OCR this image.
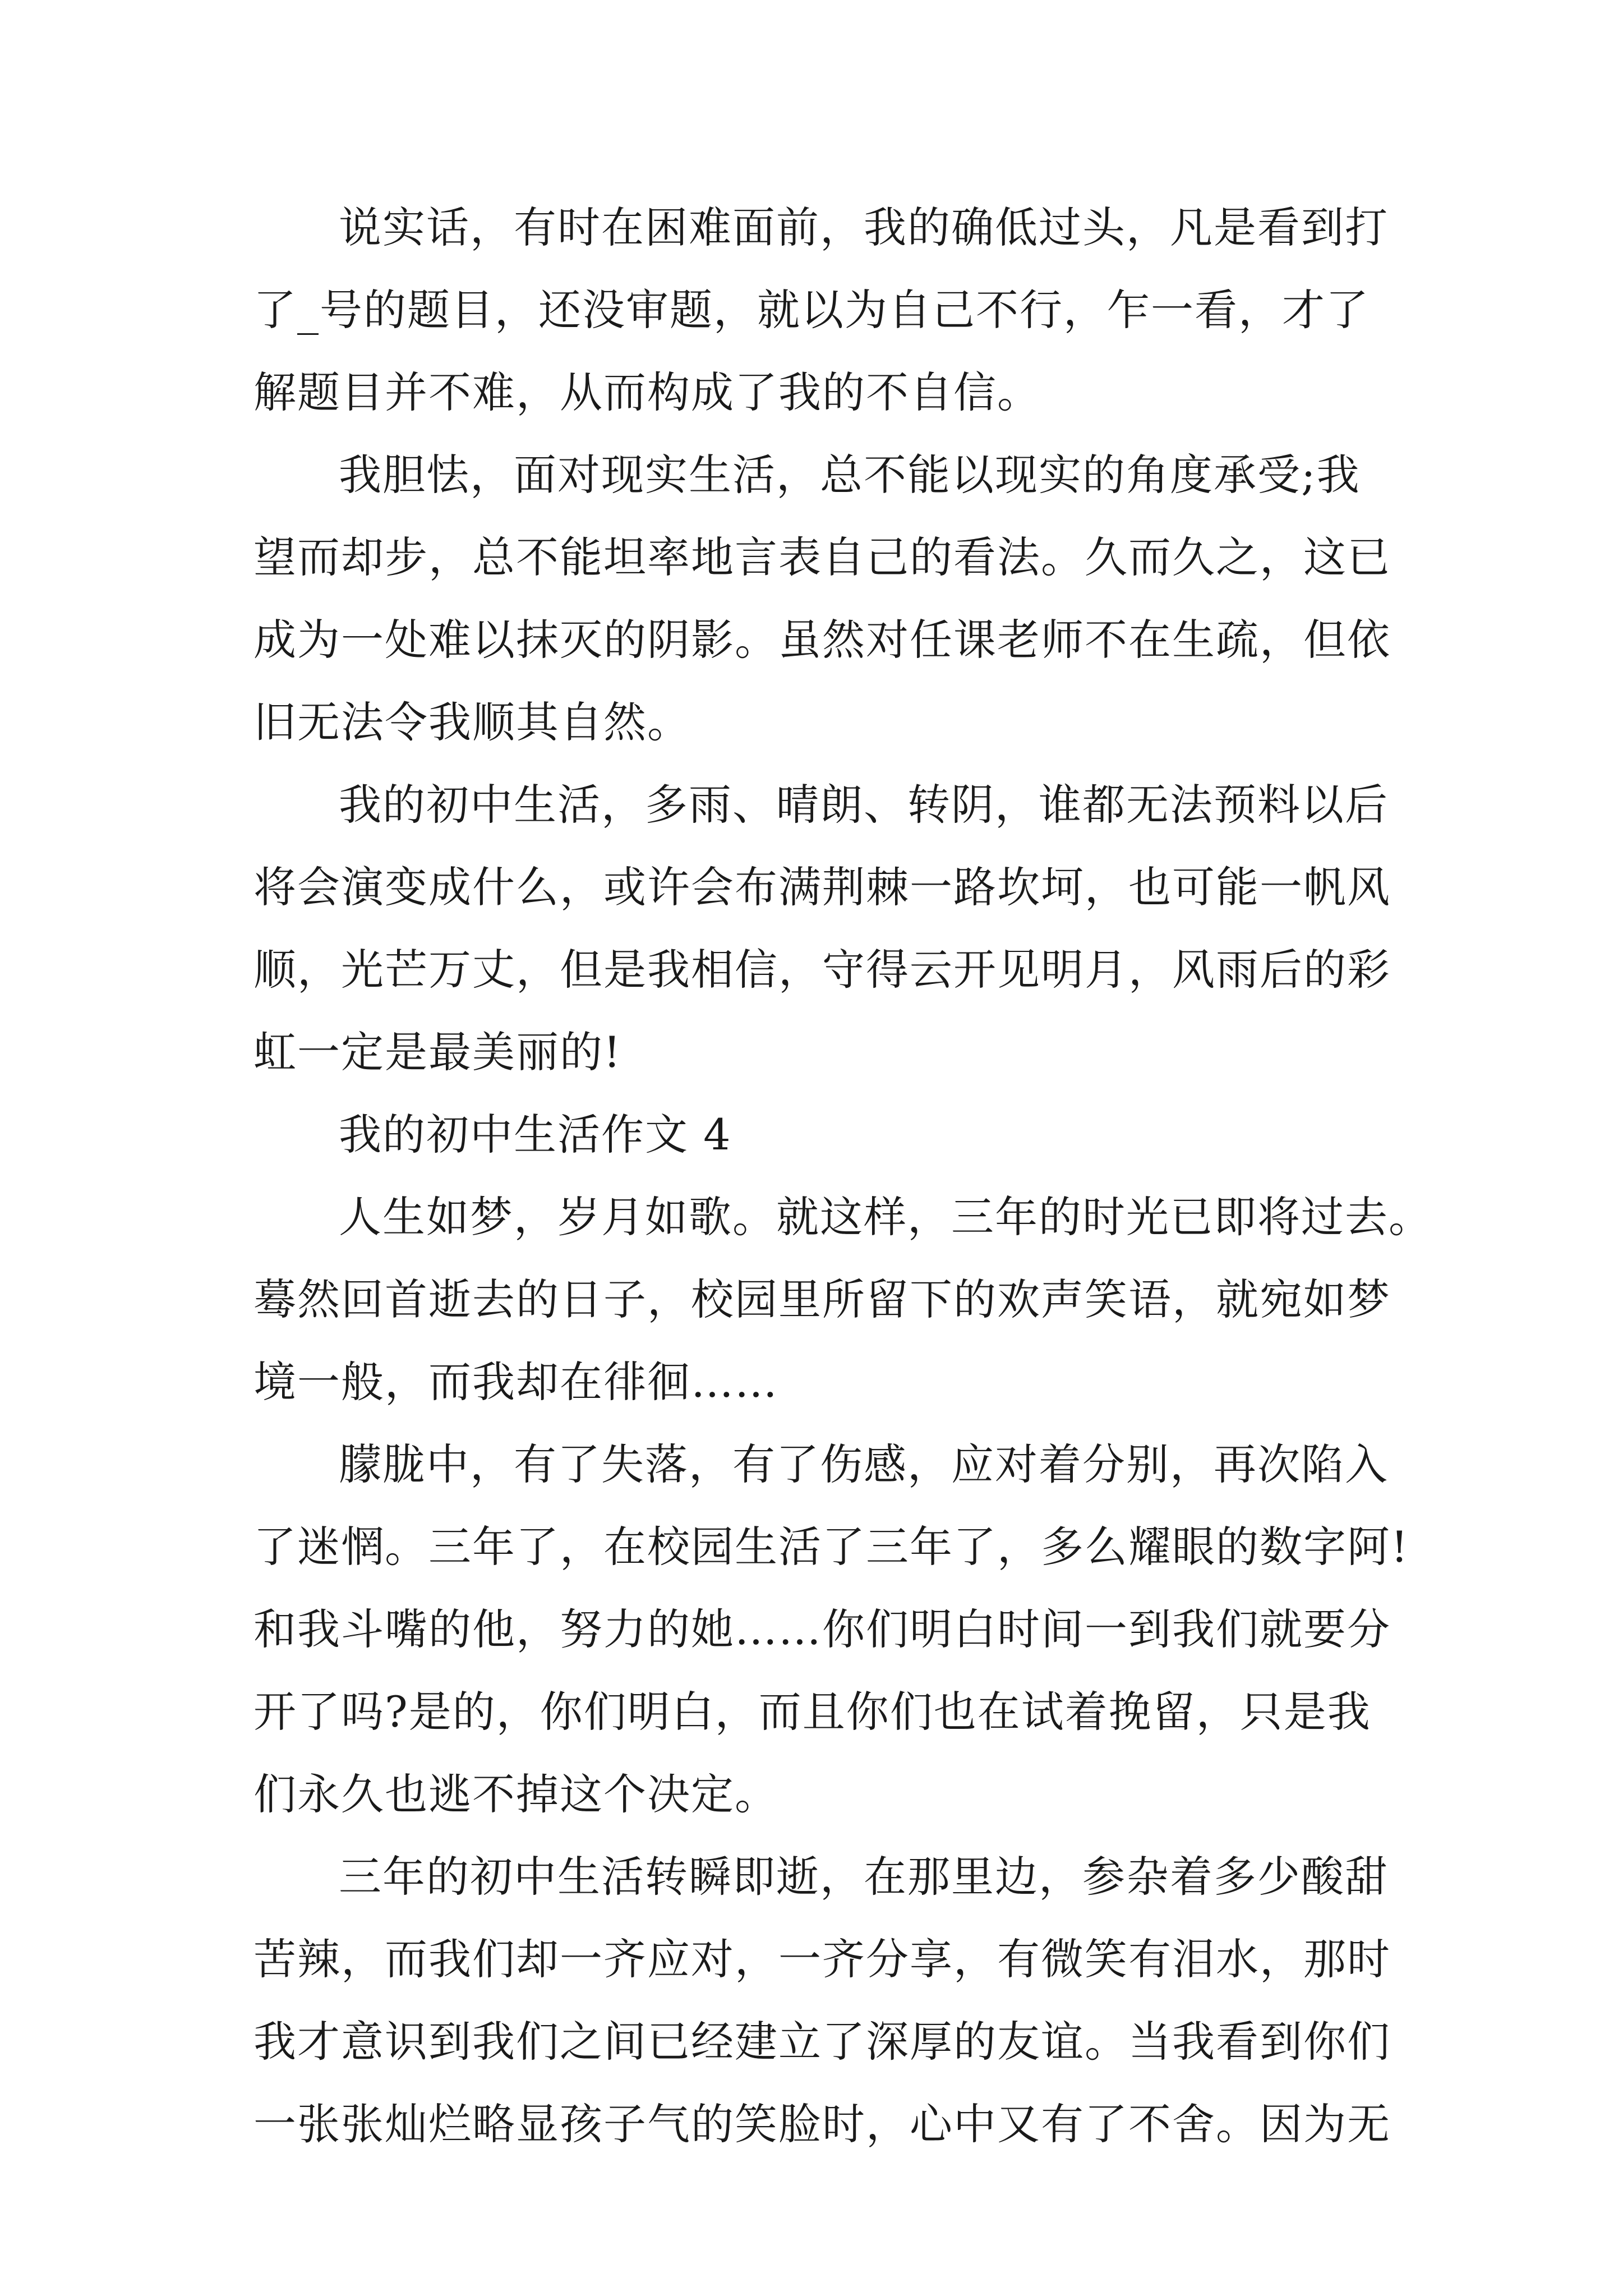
说实话，有时在困难面前，我的确低过头，凡是看到打
了_号的题目，还没审题，就以为自己不行，乍一看，才了
解题目并不难，从而构成了我的不自信。
我胆怯，面对现实生活，总不能以现实的角度承受;我
望而却步，总不能坦率地言表自己的看法。久而久之，这已
成为一处难以抹灭的阴影。虽然对任课老师不在生疏，但依
旧无法令我顺其自然。
我的初中生活，多雨、晴朗、转阴，谁都无法预料以后
将会演变成什么，或许会布满荆棘一路坎坷，也可能一帆风
顺，光芒万丈，但是我相信，守得云开见明月，风雨后的彩
虹一定是最美丽的!
我的初中生活作文 4
人生如梦，岁月如歌。就这样，三年的时光已即将过去。
蓦然回首逝去的日子，校园里所留下的欢声笑语，就宛如梦
境一般，而我却在徘徊……
朦胧中，有了失落，有了伤感，应对着分别，再次陷入
了迷惘。三年了，在校园生活了三年了，多么耀眼的数字阿!
和我斗嘴的他，努力的她……你们明白时间一到我们就要分
开了吗?是的，你们明白，而且你们也在试着挽留，只是我
们永久也逃不掉这个决定。
三年的初中生活转瞬即逝，在那里边，参杂着多少酸甜
苦辣，而我们却一齐应对，一齐分享，有微笑有泪水，那时
我才意识到我们之间已经建立了深厚的友谊。当我看到你们
一张张灿烂略显孩子气的笑脸时，心中又有了不舍。因为无
